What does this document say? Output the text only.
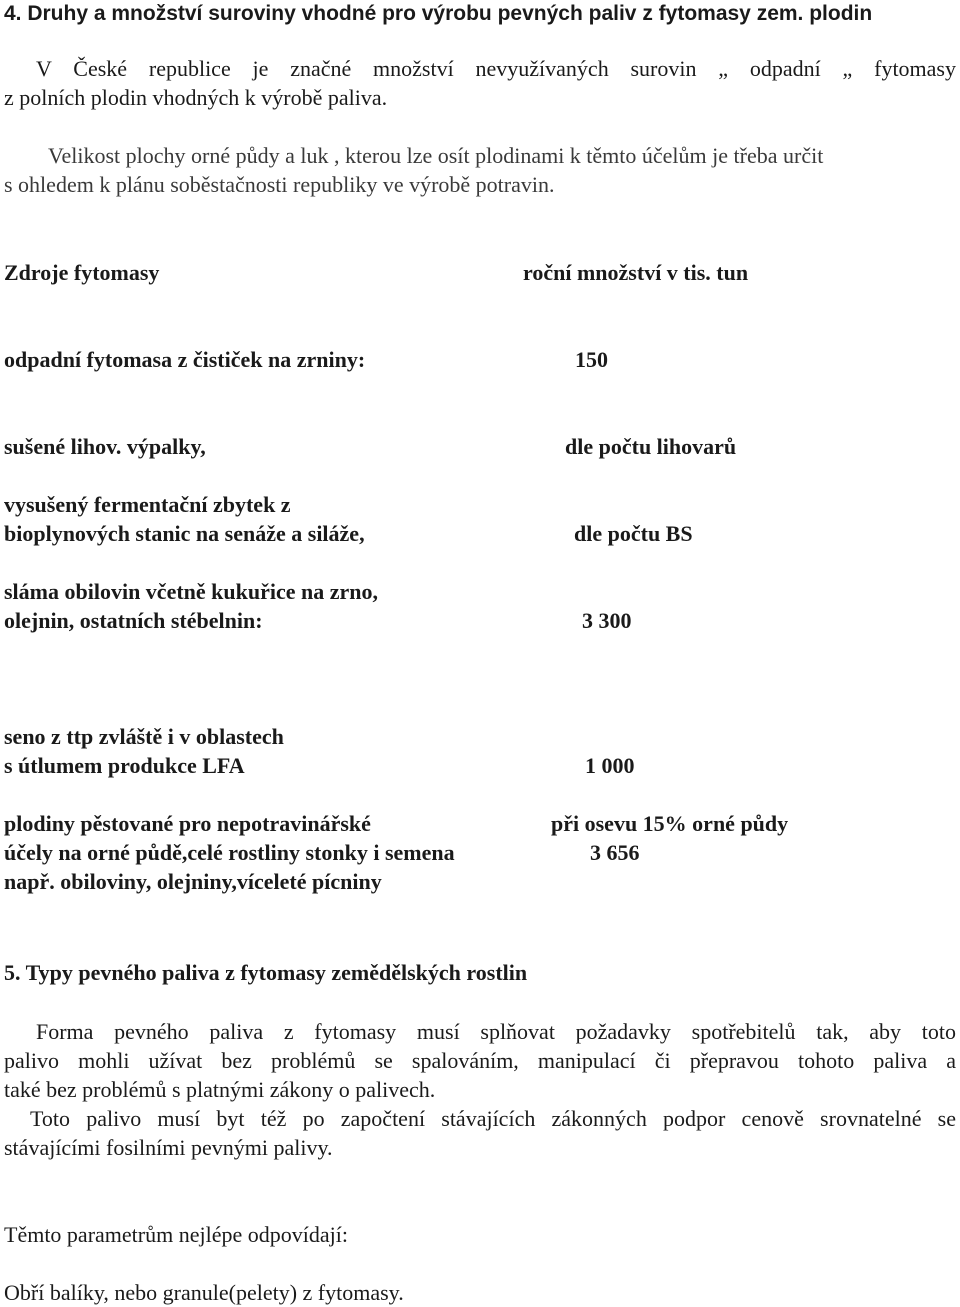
4. Druhy a množství suroviny vhodné pro výrobu pevných paliv z fytomasy zem. plodin
V České republice je značné množství nevyužívaných surovin „ odpadní „ fytomasy
z polních plodin vhodných k výrobě paliva.
Velikost plochy orné půdy a luk , kterou lze osít plodinami k těmto účelům je třeba určit
s ohledem k plánu soběstačnosti republiky ve výrobě potravin.
Zdroje fytomasy	roční množství v tis. tun
odpadní fytomasa z čističek na zrniny:	150
sušené lihov. výpalky,	dle počtu lihovarů
vysušený fermentační zbytek z
bioplynových stanic na senáže a siláže,	dle počtu BS
sláma obilovin včetně kukuřice na zrno,
olejnin, ostatních stébelnin:	3 300
seno z ttp zvláště i v oblastech
s útlumem produkce LFA	1 000
plodiny pěstované pro nepotravinářské	při osevu 15% orné půdy
účely na orné půdě,celé rostliny stonky i semena	3 656
např. obiloviny, olejniny,víceleté pícniny
5. Typy pevného paliva z fytomasy zemědělských rostlin
Forma pevného paliva z fytomasy musí splňovat požadavky spotřebitelů tak, aby toto
palivo mohli užívat bez problémů se spalováním, manipulací či přepravou tohoto paliva a
také bez problémů s platnými zákony o palivech.
Toto palivo musí byt též po započtení stávajících zákonných podpor cenově srovnatelné se
stávajícími fosilními pevnými palivy.
Těmto parametrům nejlépe odpovídají:
Obří balíky, nebo granule(pelety) z fytomasy.
